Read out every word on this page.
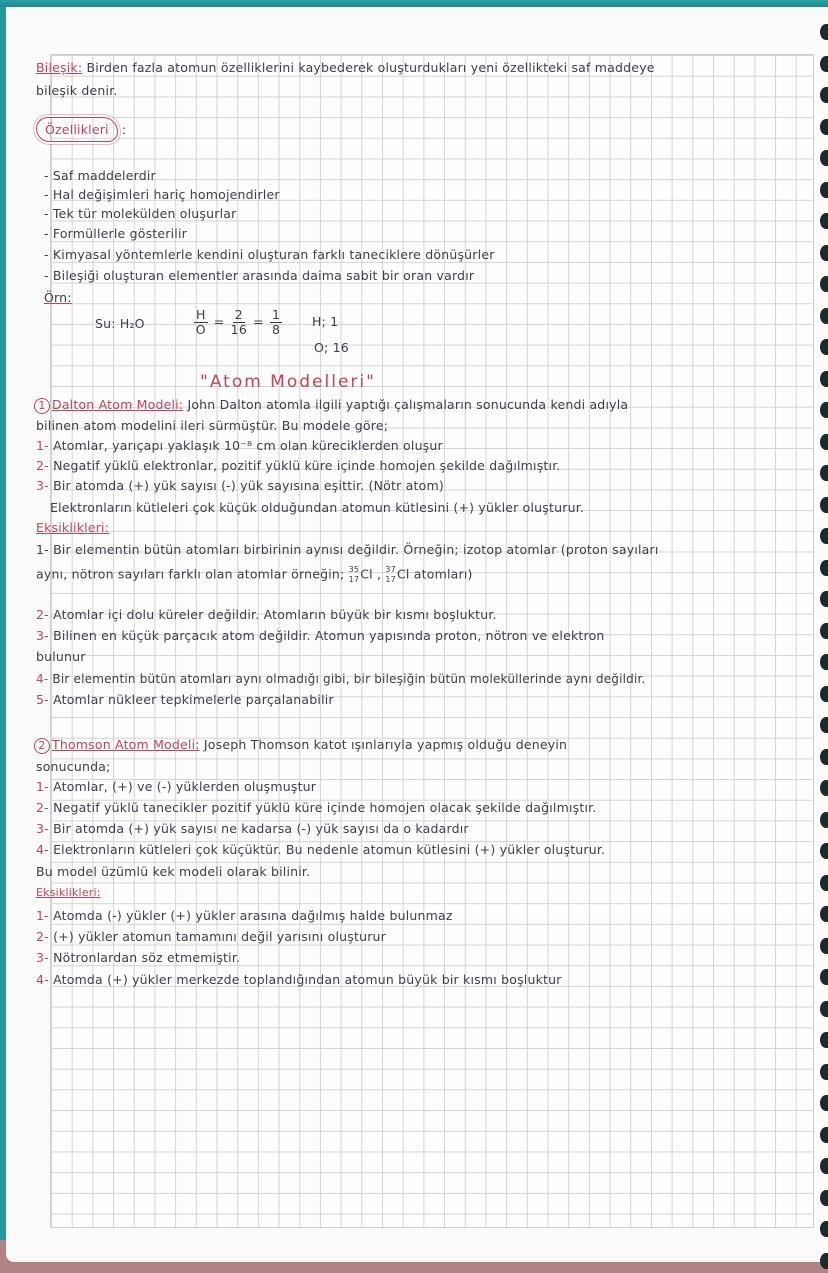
Bileşik: Birden fazla atomun özelliklerini kaybederek oluşturdukları yeni özellikteki saf maddeye
bileşik denir.
Özellikleri :
- Saf maddelerdir
- Hal değişimleri hariç homojendirler
- Tek tür molekülden oluşurlar
- Formüllerle gösterilir
- Kimyasal yöntemlerle kendini oluşturan farklı taneciklere dönüşürler
- Bileşiği oluşturan elementler arasında daima sabit bir oran vardır
Örn:
Su: H₂O	$\frac{H}{O} = \frac{2}{16} = \frac{1}{8} H$; 1
O; 16
"Atom Modelleri"
1 Dalton Atom Modeli: John Dalton atomla ilgili yaptığı çalışmaların sonucunda kendi adıyla
bilinen atom modelini ileri sürmüştür. Bu modele göre;
1- Atomlar, yarıçapı yaklaşık 10⁻⁸ cm olan küreciklerden oluşur
2- Negatif yüklü elektronlar, pozitif yüklü küre içinde homojen şekilde dağılmıştır.
3- Bir atomda (+) yük sayısı (-) yük sayısına eşittir. (Nötr atom)
Elektronların kütleleri çok küçük olduğundan atomun kütlesini (+) yükler oluşturur.
Eksiklikleri:
1- Bir elementin bütün atomları birbirinin aynısı değildir. Örneğin; izotop atomlar (proton sayıları
aynı, nötron sayıları farklı olan atomlar örneğin; 35
17 Cl , 37
17 Cl atomları)
2- Atomlar içi dolu küreler değildir. Atomların büyük bir kısmı boşluktur.
3- Bilinen en küçük parçacık atom değildir. Atomun yapısında proton, nötron ve elektron
bulunur
4- Bir elementin bütün atomları aynı olmadığı gibi, bir bileşiğin bütün moleküllerinde aynı değildir.
5- Atomlar nükleer tepkimelerle parçalanabilir
2 Thomson Atom Modeli: Joseph Thomson katot ışınlarıyla yapmış olduğu deneyin
sonucunda;
1- Atomlar, (+) ve (-) yüklerden oluşmuştur
2- Negatif yüklü tanecikler pozitif yüklü küre içinde homojen olacak şekilde dağılmıştır.
3- Bir atomda (+) yük sayısı ne kadarsa (-) yük sayısı da o kadardır
4- Elektronların kütleleri çok küçüktür. Bu nedenle atomun kütlesini (+) yükler oluşturur.
Bu model üzümlü kek modeli olarak bilinir.
Eksiklikleri:
1- Atomda (-) yükler (+) yükler arasına dağılmış halde bulunmaz
2- (+) yükler atomun tamamını değil yarısını oluşturur
3- Nötronlardan söz etmemiştir.
4- Atomda (+) yükler merkezde toplandığından atomun büyük bir kısmı boşluktur
